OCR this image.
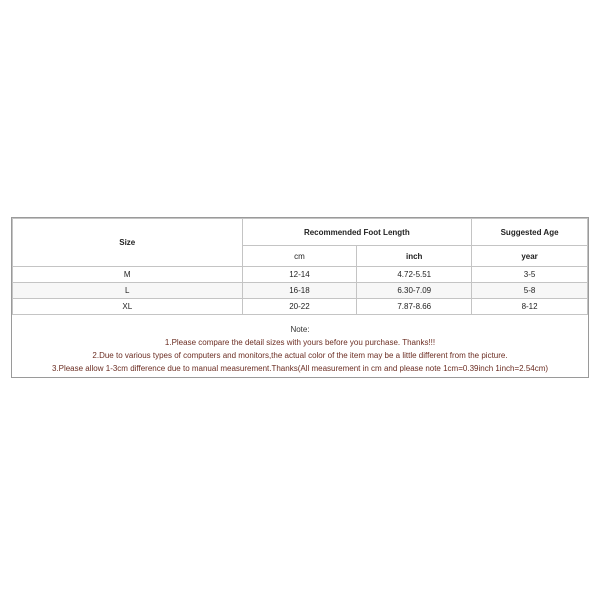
Size	Recommended Foot Length		Suggested Age
	cm	inch	year
M	12-14	4.72-5.51	3-5
L	16-18	6.30-7.09	5-8
XL	20-22	7.87-8.66	8-12
Note:
1.Please compare the detail sizes with yours before you purchase. Thanks!!!
2.Due to various types of computers and monitors,the actual color of the item may be a little different from the picture.
3.Please allow 1-3cm difference due to manual measurement.Thanks(All measurement in cm and please note 1cm=0.39inch 1inch=2.54cm)
